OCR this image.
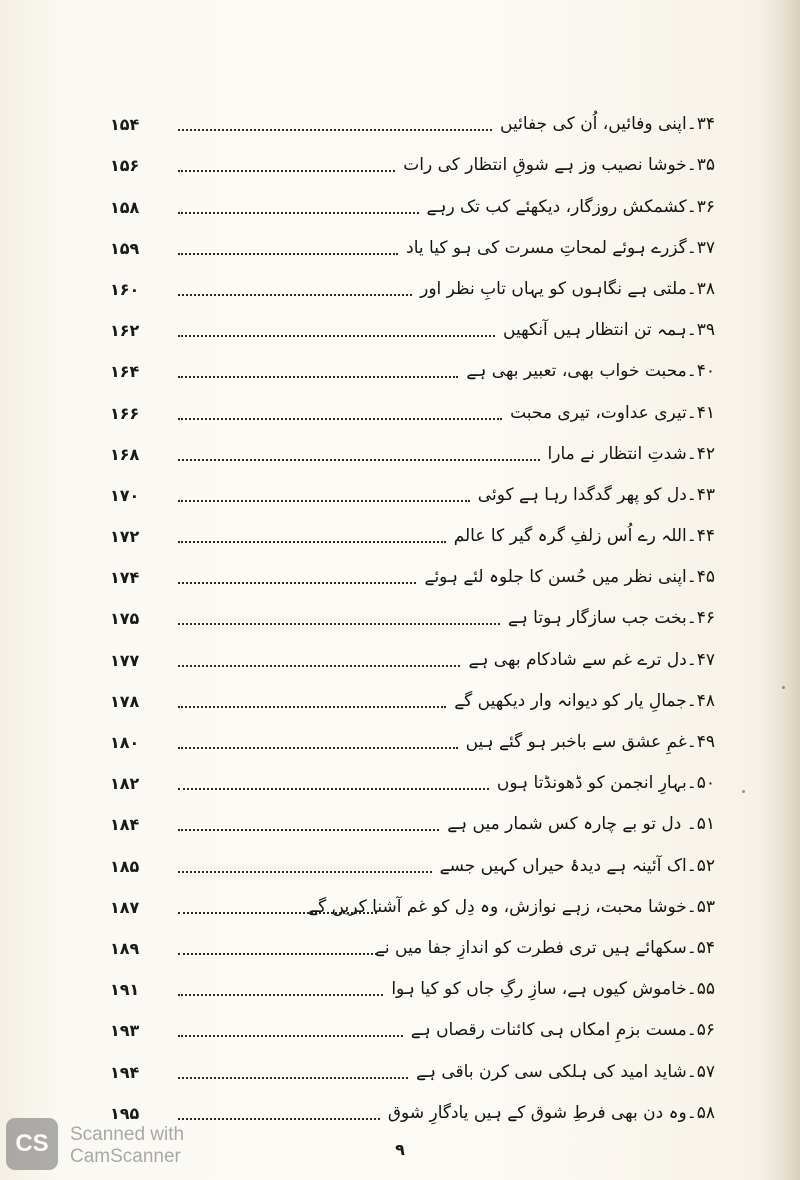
۱۵۴	۳۴۔اپنی وفائیں، اُن کی جفائیں
۱۵۶	۳۵۔خوشا نصیب وز ہے شوقِ انتظار کی رات
۱۵۸	۳۶۔کشمکش روزگار، دیکھئے کب تک رہے
۱۵۹	۳۷۔گزرے ہوئے لمحاتِ مسرت کی ہو کیا یاد
۱۶۰	۳۸۔ملتی ہے نگاہوں کو یہاں تابِ نظر اور
۱۶۲	۳۹۔ہمہ تن انتظار ہیں آنکھیں
۱۶۴	۴۰۔محبت خواب بھی، تعبیر بھی ہے
۱۶۶	۴۱۔تیری عداوت، تیری محبت
۱۶۸	۴۲۔شدتِ انتظار نے مارا
۱۷۰	۴۳۔دل کو پھر گدگدا رہا ہے کوئی
۱۷۲	۴۴۔اللہ رے اُس زلفِ گرہ گیر کا عالم
۱۷۴	۴۵۔اپنی نظر میں حُسن کا جلوہ لئے ہوئے
۱۷۵	۴۶۔بخت جب سازگار ہوتا ہے
۱۷۷	۴۷۔دل ترے غم سے شادکام بھی ہے
۱۷۸	۴۸۔جمالِ یار کو دیوانہ وار دیکھیں گے
۱۸۰	۴۹۔غمِ عشق سے باخبر ہو گئے ہیں
۱۸۲	۵۰۔بہارِ انجمن کو ڈھونڈتا ہوں
۱۸۴	۵۱۔ دل تو بے چارہ کس شمار میں ہے
۱۸۵	۵۲۔اک آئینہ ہے دیدۂ حیراں کہیں جسے
۱۸۷	۵۳۔خوشا محبت، زہے نوازش، وہ دِل کو غم آشنا کریں گے
۱۸۹	۵۴۔سکھائے ہیں تری فطرت کو اندازِ جفا میں نے
۱۹۱	۵۵۔خاموش کیوں ہے، سازِ رگِ جاں کو کیا ہوا
۱۹۳	۵۶۔مست بزمِ امکاں ہی کائنات رقصاں ہے
۱۹۴	۵۷۔شاید امید کی ہلکی سی کرن باقی ہے
۱۹۵	۵۸۔وہ دن بھی فرطِ شوق کے ہیں یادگارِ شوق
۹
CS	Scanned with
CamScanner
